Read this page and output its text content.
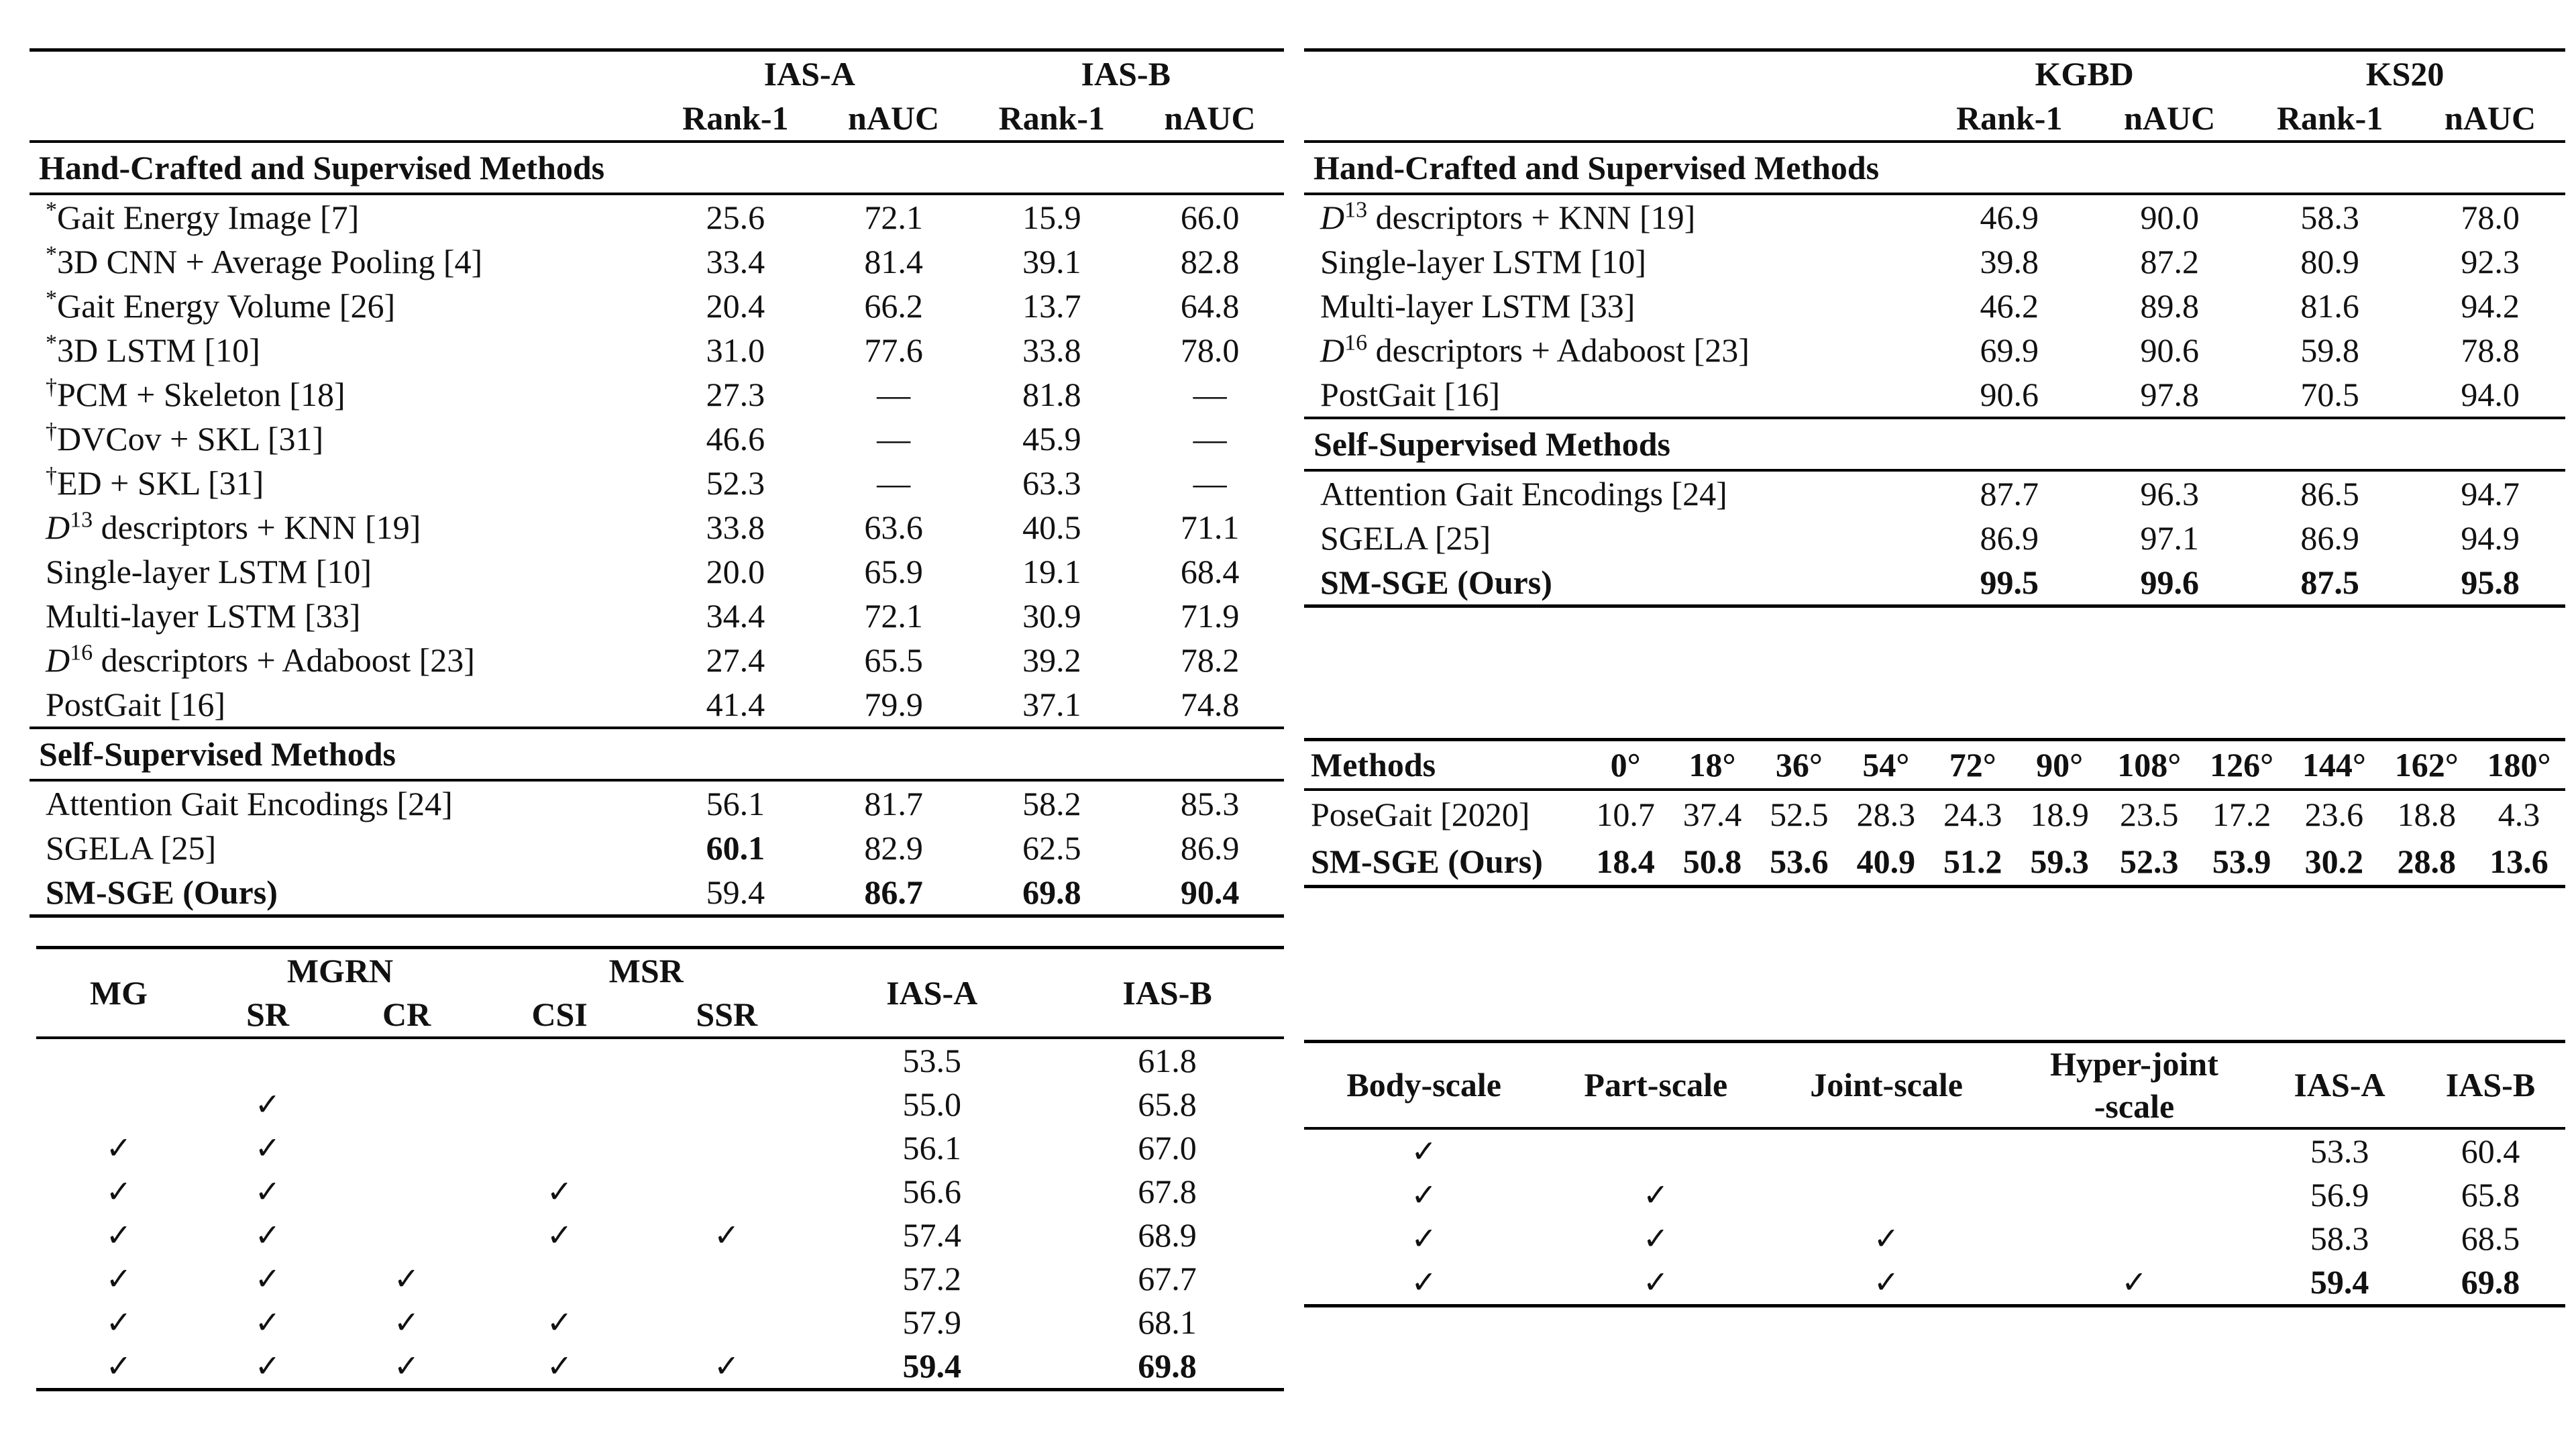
	IAS-A		IAS-B	
	Rank-1	nAUC	Rank-1	nAUC
Hand-Crafted and Supervised Methods				
*Gait Energy Image [7]	25.6	72.1	15.9	66.0
*3D CNN + Average Pooling [4]	33.4	81.4	39.1	82.8
*Gait Energy Volume [26]	20.4	66.2	13.7	64.8
*3D LSTM [10]	31.0	77.6	33.8	78.0
†PCM + Skeleton [18]	27.3	—	81.8	—
†DVCov + SKL [31]	46.6	—	45.9	—
†ED + SKL [31]	52.3	—	63.3	—
$D^{13}$ descriptors + KNN [19]	33.8	63.6	40.5	71.1
Single-layer LSTM [10]	20.0	65.9	19.1	68.4
Multi-layer LSTM [33]	34.4	72.1	30.9	71.9
$D^{16}$ descriptors + Adaboost [23]	27.4	65.5	39.2	78.2
PostGait [16]	41.4	79.9	37.1	74.8
Self-Supervised Methods				
Attention Gait Encodings [24]	56.1	81.7	58.2	85.3
SGELA [25]	60.1	82.9	62.5	86.9
SM-SGE (Ours)	59.4	86.7	69.8	90.4
	KGBD		KS20	
	Rank-1	nAUC	Rank-1	nAUC
Hand-Crafted and Supervised Methods				
$D^{13}$ descriptors + KNN [19]	46.9	90.0	58.3	78.0
Single-layer LSTM [10]	39.8	87.2	80.9	92.3
Multi-layer LSTM [33]	46.2	89.8	81.6	94.2
$D^{16}$ descriptors + Adaboost [23]	69.9	90.6	59.8	78.8
PostGait [16]	90.6	97.8	70.5	94.0
Self-Supervised Methods				
Attention Gait Encodings [24]	87.7	96.3	86.5	94.7
SGELA [25]	86.9	97.1	86.9	94.9
SM-SGE (Ours)	99.5	99.6	87.5	95.8
Methods	0°	18°	36°	54°	72°	90°	108°	126°	144°	162°	180°
PoseGait [2020]	10.7	37.4	52.5	28.3	24.3	18.9	23.5	17.2	23.6	18.8	4.3
SM-SGE (Ours)	18.4	50.8	53.6	40.9	51.2	59.3	52.3	53.9	30.2	28.8	13.6
MG	MGRN		MSR		IAS-A	IAS-B
	SR	CR	CSI	SSR		
					53.5	61.8
	✓				55.0	65.8
✓	✓				56.1	67.0
✓	✓		✓		56.6	67.8
✓	✓		✓	✓	57.4	68.9
✓	✓	✓			57.2	67.7
✓	✓	✓	✓		57.9	68.1
✓	✓	✓	✓	✓	59.4	69.8
Body-scale	Part-scale	Joint-scale	Hyper-joint
-scale	IAS-A	IAS-B
✓				53.3	60.4
✓	✓			56.9	65.8
✓	✓	✓		58.3	68.5
✓	✓	✓	✓	59.4	69.8
